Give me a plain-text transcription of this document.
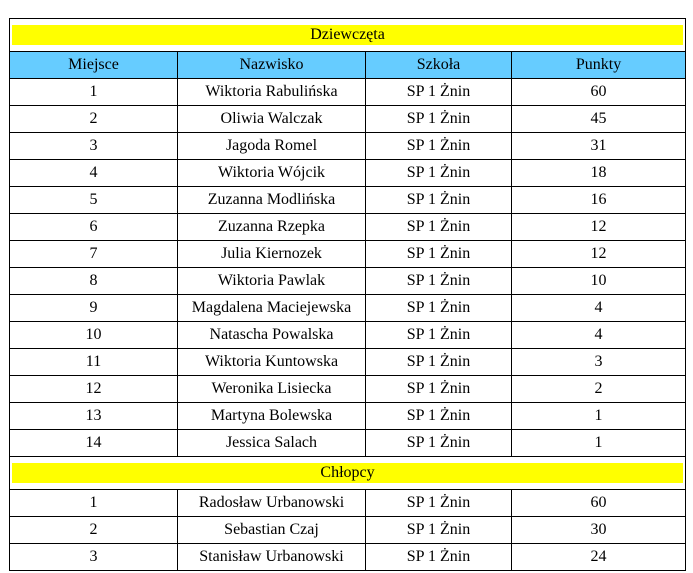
Dziewczęta			

Miejsce	Nazwisko	Szkoła	Punkty
1	Wiktoria Rabulińska	SP 1 Żnin	60
2	Oliwia Walczak	SP 1 Żnin	45
3	Jagoda Romel	SP 1 Żnin	31
4	Wiktoria Wójcik	SP 1 Żnin	18
5	Zuzanna Modlińska	SP 1 Żnin	16
6	Zuzanna Rzepka	SP 1 Żnin	12
7	Julia Kiernozek	SP 1 Żnin	12
8	Wiktoria Pawlak	SP 1 Żnin	10
9	Magdalena Maciejewska	SP 1 Żnin	4
10	Natascha Powalska	SP 1 Żnin	4
11	Wiktoria Kuntowska	SP 1 Żnin	3
12	Weronika Lisiecka	SP 1 Żnin	2
13	Martyna Bolewska	SP 1 Żnin	1
14	Jessica Salach	SP 1 Żnin	1

Chłopcy			

1	Radosław Urbanowski	SP 1 Żnin	60
2	Sebastian Czaj	SP 1 Żnin	30
3	Stanisław Urbanowski	SP 1 Żnin	24
